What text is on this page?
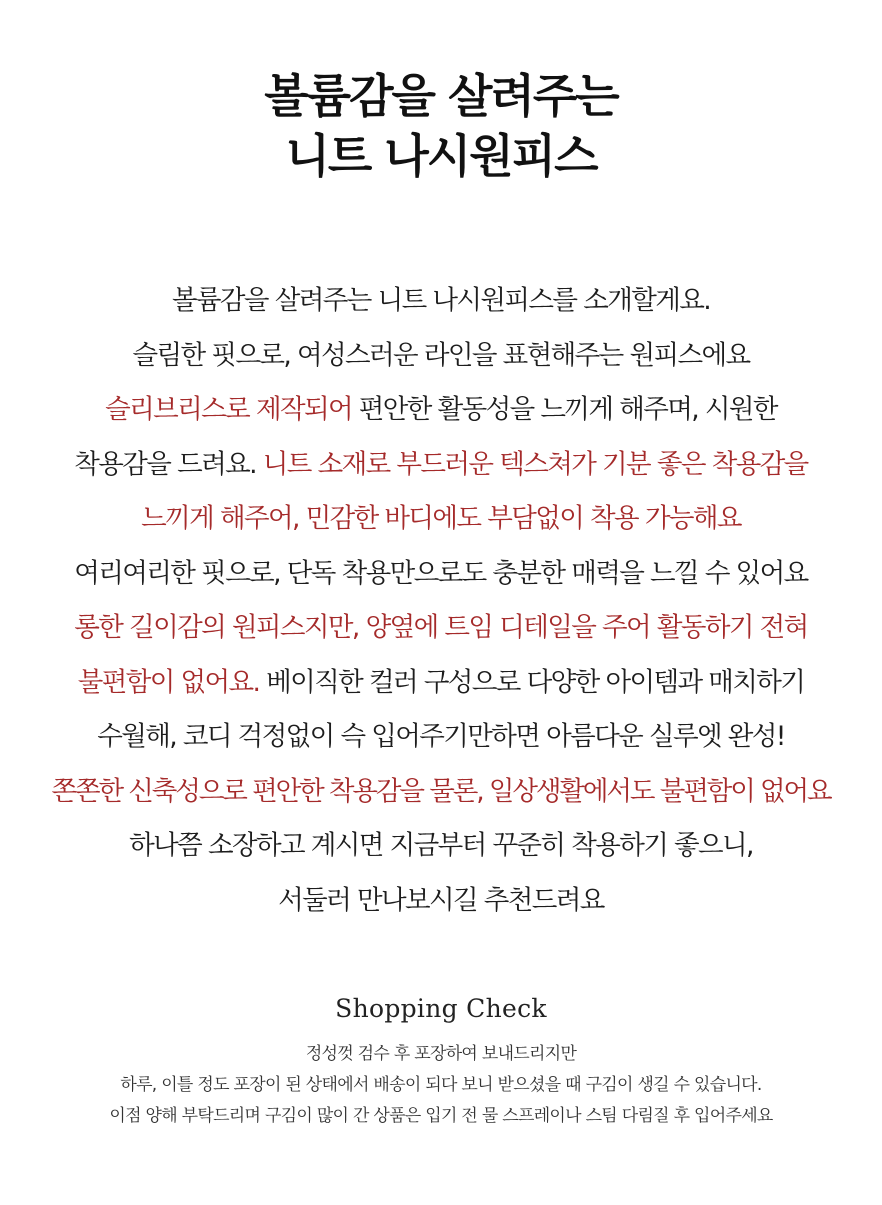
볼륨감을 살려주는
니트 나시원피스
볼륨감을 살려주는 니트 나시원피스를 소개할게요.
슬림한 핏으로, 여성스러운 라인을 표현해주는 원피스에요
슬리브리스로 제작되어 편안한 활동성을 느끼게 해주며, 시원한
착용감을 드려요. 니트 소재로 부드러운 텍스쳐가 기분 좋은 착용감을
느끼게 해주어, 민감한 바디에도 부담없이 착용 가능해요
여리여리한 핏으로, 단독 착용만으로도 충분한 매력을 느낄 수 있어요
롱한 길이감의 원피스지만, 양옆에 트임 디테일을 주어 활동하기 전혀
불편함이 없어요. 베이직한 컬러 구성으로 다양한 아이템과 매치하기
수월해, 코디 걱정없이 슥 입어주기만하면 아름다운 실루엣 완성!
쫀쫀한 신축성으로 편안한 착용감을 물론, 일상생활에서도 불편함이 없어요
하나쯤 소장하고 계시면 지금부터 꾸준히 착용하기 좋으니,
서둘러 만나보시길 추천드려요
Shopping Check
정성껏 검수 후 포장하여 보내드리지만
하루, 이틀 정도 포장이 된 상태에서 배송이 되다 보니 받으셨을 때 구김이 생길 수 있습니다.
이점 양해 부탁드리며 구김이 많이 간 상품은 입기 전 물 스프레이나 스팀 다림질 후 입어주세요
